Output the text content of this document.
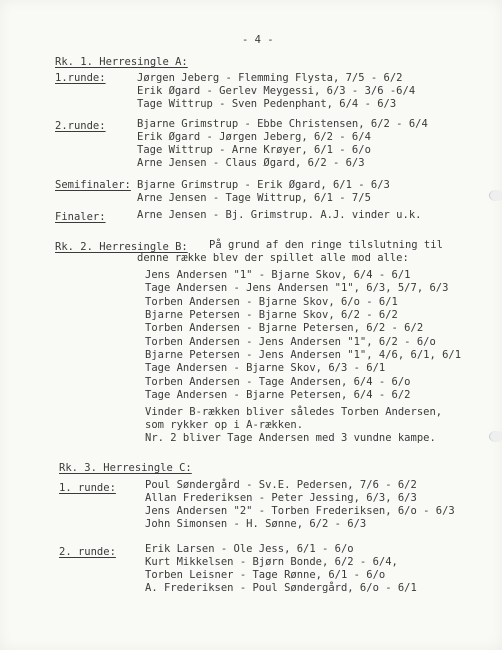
- 4 -
Rk. 1. Herresingle A:
1.runde:	Jørgen Jeberg - Flemming Flysta, 7/5 - 6/2
Erik Øgard - Gerlev Meygessi, 6/3 - 3/6 -6/4
Tage Wittrup - Sven Pedenphant, 6/4 - 6/3
2.runde:	Bjarne Grimstrup - Ebbe Christensen, 6/2 - 6/4
Erik Øgard - Jørgen Jeberg, 6/2 - 6/4
Tage Wittrup - Arne Krøyer, 6/1 - 6/o
Arne Jensen - Claus Øgard, 6/2 - 6/3
Semifinaler: Bjarne Grimstrup - Erik Øgard, 6/1 - 6/3
Arne Jensen - Tage Wittrup, 6/1 - 7/5
Finaler:	Arne Jensen - Bj. Grimstrup. A.J. vinder u.k.
Rk. 2. Herresingle B: På grund af den ringe tilslutning til
denne række blev der spillet alle mod alle:
Jens Andersen "1" - Bjarne Skov, 6/4 - 6/1
Tage Andersen - Jens Andersen "1", 6/3, 5/7, 6/3
Torben Andersen - Bjarne Skov, 6/o - 6/1
Bjarne Petersen - Bjarne Skov, 6/2 - 6/2
Torben Andersen - Bjarne Petersen, 6/2 - 6/2
Torben Andersen - Jens Andersen "1", 6/2 - 6/o
Bjarne Petersen - Jens Andersen "1", 4/6, 6/1, 6/1
Tage Andersen - Bjarne Skov, 6/3 - 6/1
Torben Andersen - Tage Andersen, 6/4 - 6/o
Tage Andersen - Bjarne Petersen, 6/4 - 6/2
Vinder B-rækken bliver således Torben Andersen,
som rykker op i A-rækken.
Nr. 2 bliver Tage Andersen med 3 vundne kampe.
Rk. 3. Herresingle C:
1. runde:	Poul Søndergård - Sv.E. Pedersen, 7/6 - 6/2
Allan Frederiksen - Peter Jessing, 6/3, 6/3
Jens Andersen "2" - Torben Frederiksen, 6/o - 6/3
John Simonsen - H. Sønne, 6/2 - 6/3
2. runde:	Erik Larsen - Ole Jess, 6/1 - 6/o
Kurt Mikkelsen - Bjørn Bonde, 6/2 - 6/4,
Torben Leisner - Tage Rønne, 6/1 - 6/o
A. Frederiksen - Poul Søndergård, 6/o - 6/1
